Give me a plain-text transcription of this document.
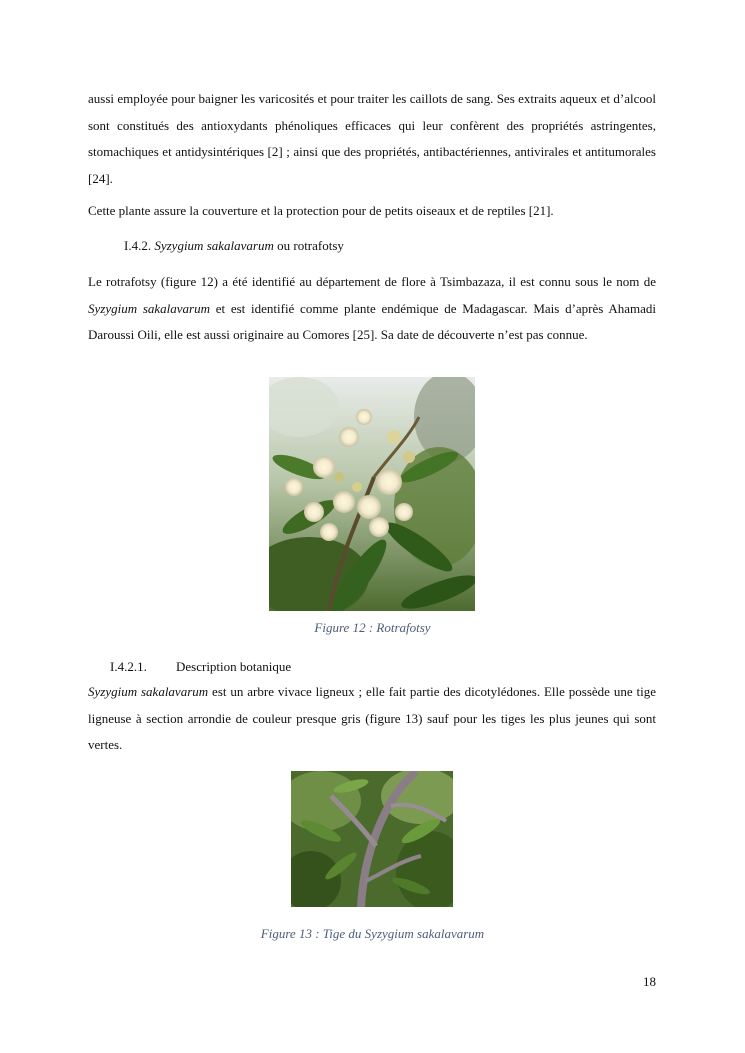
aussi employée pour baigner les varicosités et pour traiter les caillots de sang. Ses extraits aqueux et d’alcool sont constitués des antioxydants phénoliques efficaces qui leur confèrent des propriétés astringentes, stomachiques et antidysintériques [2] ; ainsi que des propriétés, antibactériennes, antivirales et antitumorales [24].

Cette plante assure la couverture et la protection pour de petits oiseaux et de reptiles [21].

I.4.2. Syzygium sakalavarum ou rotrafotsy

Le rotrafotsy (figure 12) a été identifié au département de flore à Tsimbazaza, il est connu sous le nom de Syzygium sakalavarum et est identifié comme plante endémique de Madagascar. Mais d’après Ahamadi Daroussi Oili, elle est aussi originaire au Comores [25]. Sa date de découverte n’est pas connue.

Figure 12 : Rotrafotsy

I.4.2.1. Description botanique

Syzygium sakalavarum est un arbre vivace ligneux ; elle fait partie des dicotylédones. Elle possède une tige ligneuse à section arrondie de couleur presque gris (figure 13) sauf pour les tiges les plus jeunes qui sont vertes.

Figure 13 : Tige du Syzygium sakalavarum

18
